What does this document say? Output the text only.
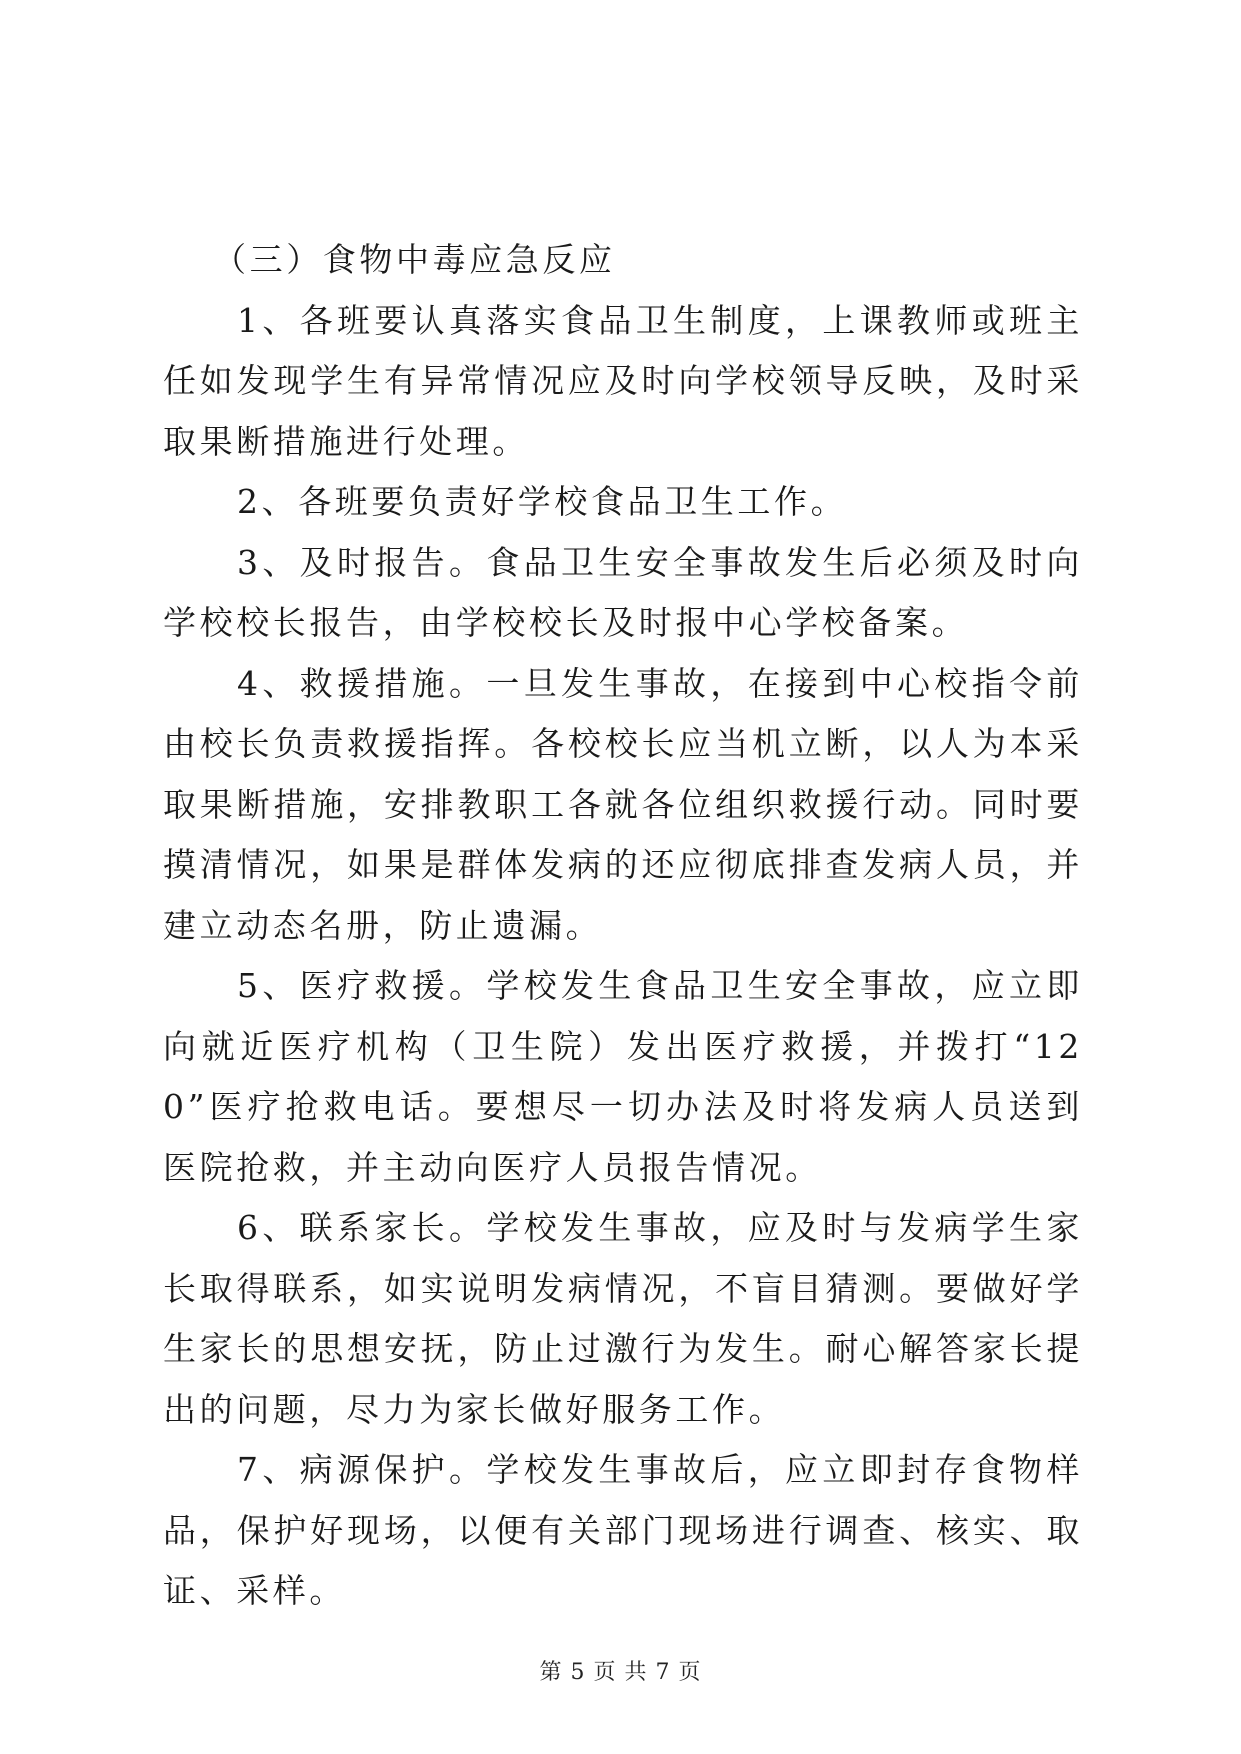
（三）食物中毒应急反应

1、各班要认真落实食品卫生制度，上课教师或班主任如发现学生有异常情况应及时向学校领导反映，及时采取果断措施进行处理。

2、各班要负责好学校食品卫生工作。

3、及时报告。食品卫生安全事故发生后必须及时向学校校长报告，由学校校长及时报中心学校备案。

4、救援措施。一旦发生事故，在接到中心校指令前由校长负责救援指挥。各校校长应当机立断，以人为本采取果断措施，安排教职工各就各位组织救援行动。同时要摸清情况，如果是群体发病的还应彻底排查发病人员，并建立动态名册，防止遗漏。

5、医疗救援。学校发生食品卫生安全事故，应立即向就近医疗机构（卫生院）发出医疗救援，并拨打“120”医疗抢救电话。要想尽一切办法及时将发病人员送到医院抢救，并主动向医疗人员报告情况。

6、联系家长。学校发生事故，应及时与发病学生家长取得联系，如实说明发病情况，不盲目猜测。要做好学生家长的思想安抚，防止过激行为发生。耐心解答家长提出的问题，尽力为家长做好服务工作。

7、病源保护。学校发生事故后，应立即封存食物样品，保护好现场，以便有关部门现场进行调查、核实、取证、采样。

第 5 页 共 7 页
